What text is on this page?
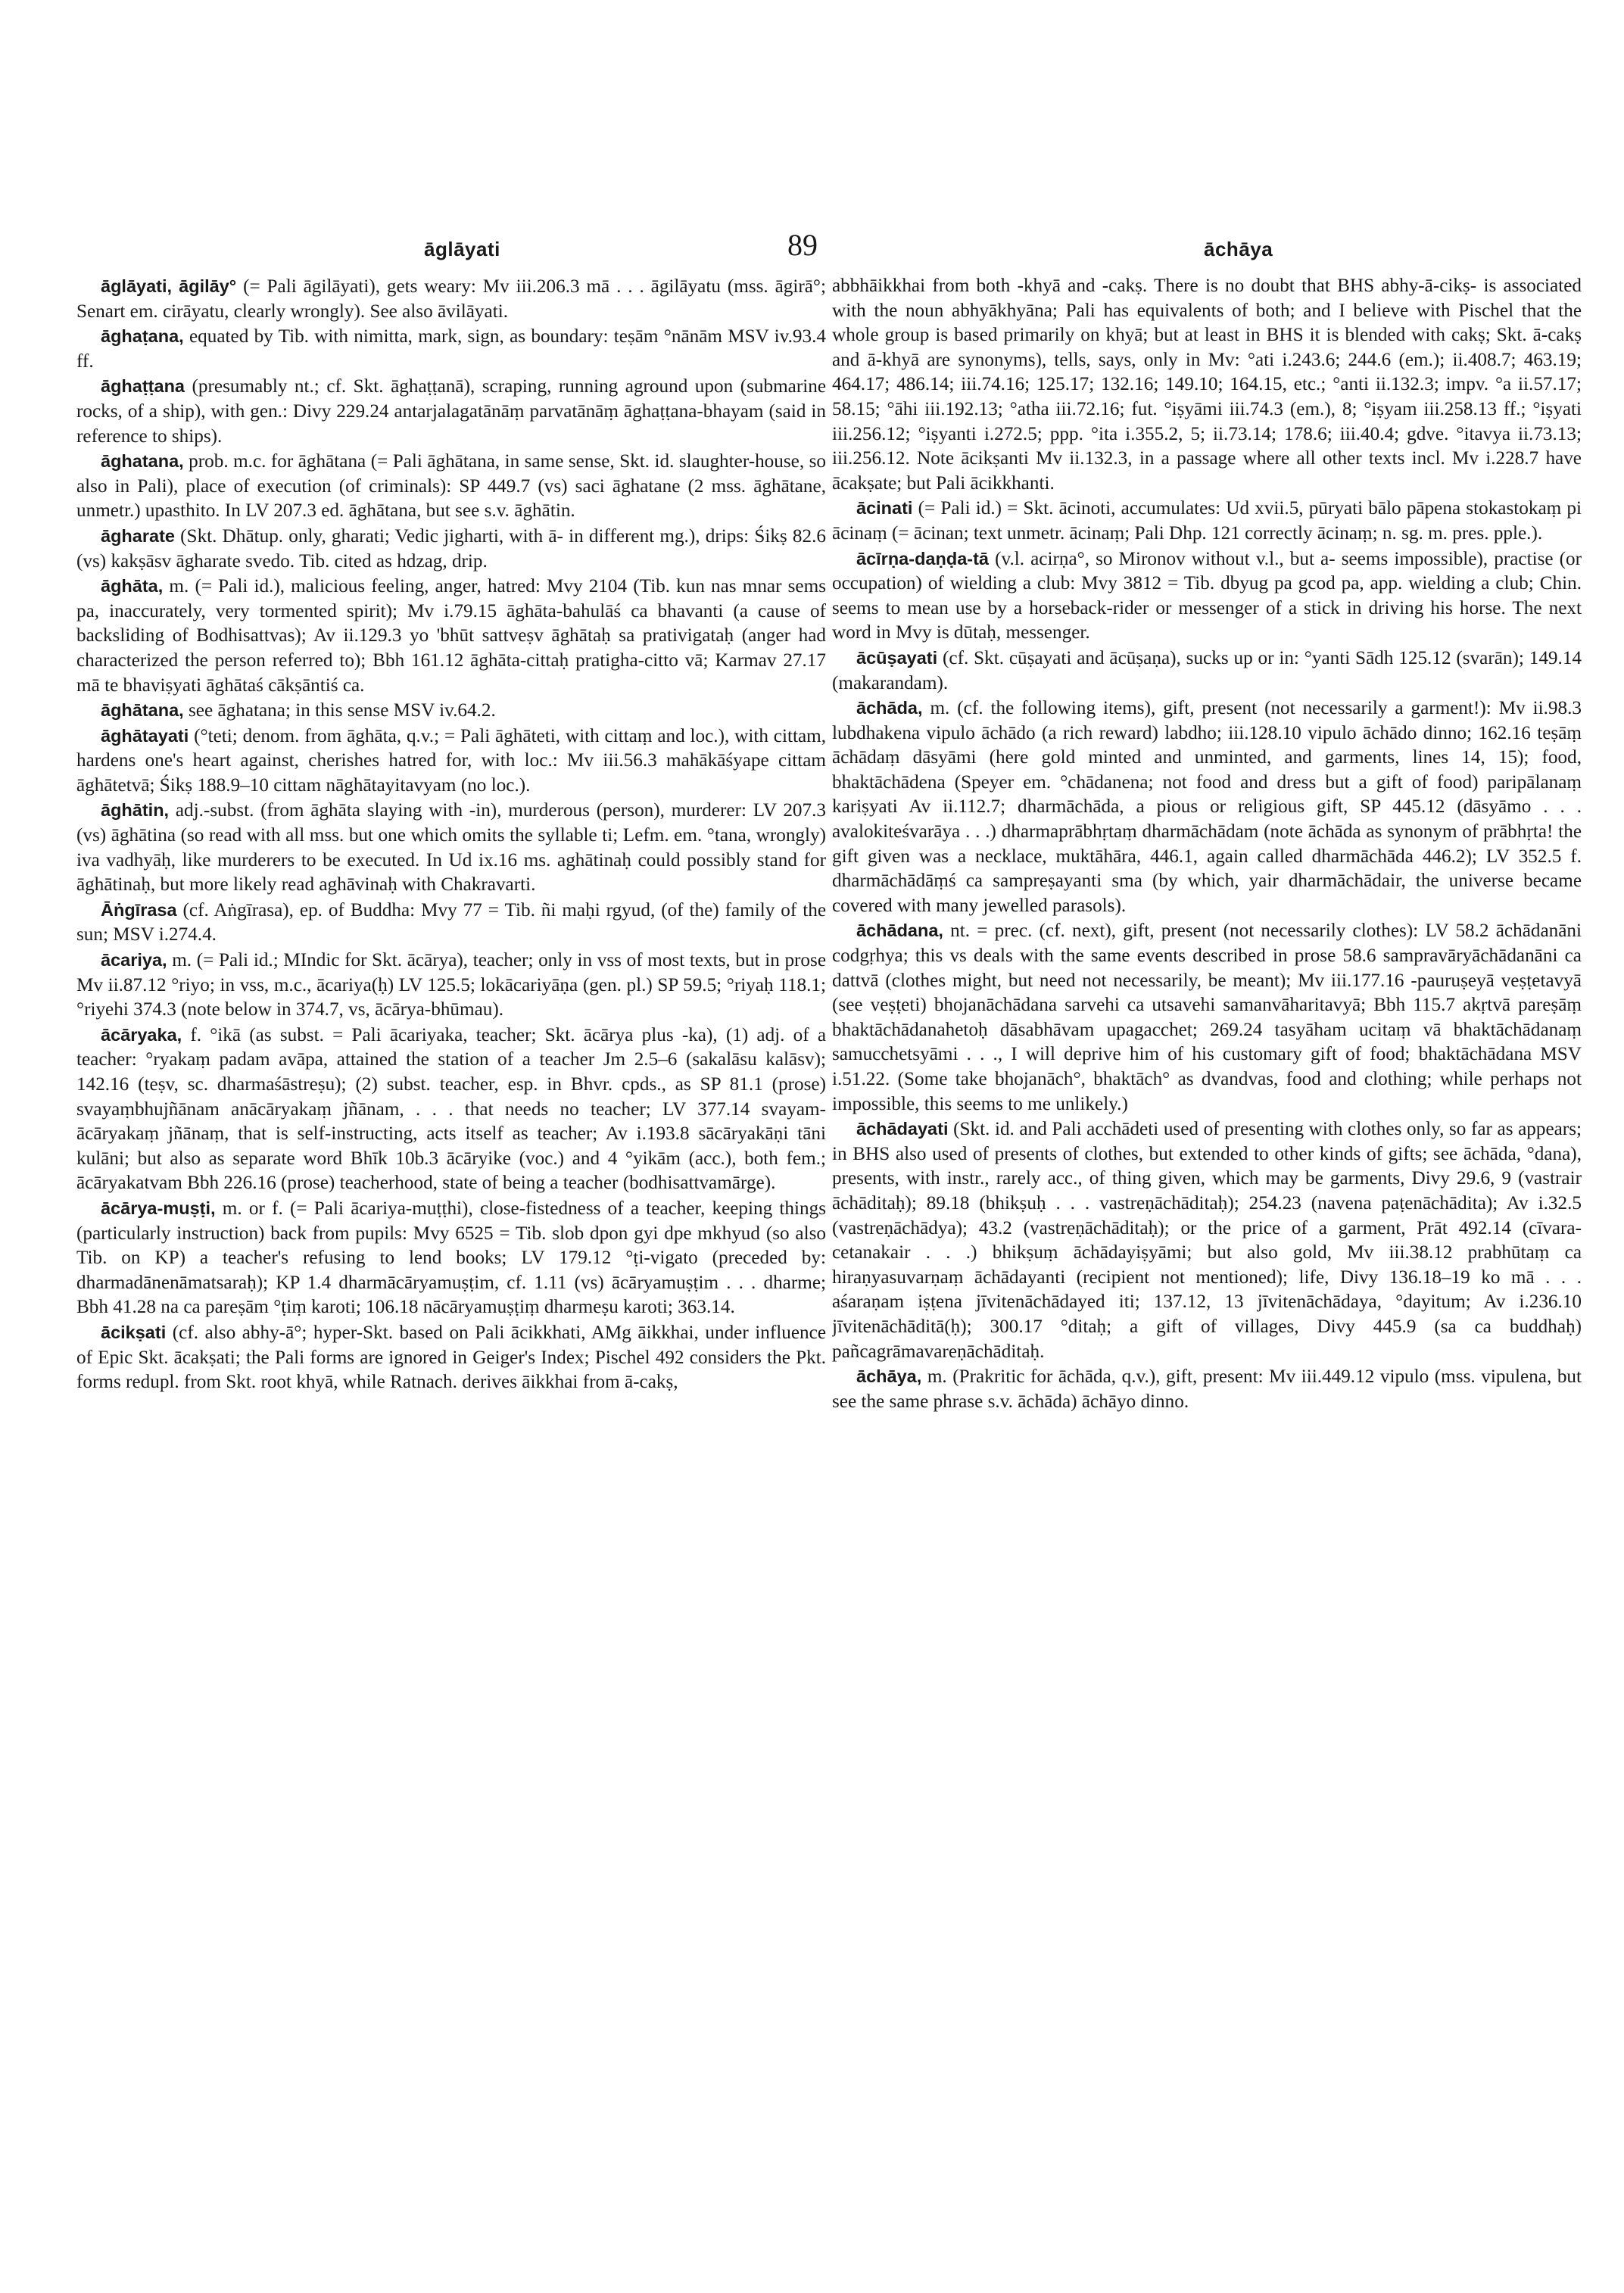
āglāyati	89	āchāya

āglāyati, āgilāy° (= Pali āgilāyati), gets weary: Mv iii.206.3 mā . . . āgilāyatu (mss. āgirā°; Senart em. cirāyatu, clearly wrongly). See also āvilāyati.

āghaṭana, equated by Tib. with nimitta, mark, sign, as boundary: teṣām °nānām MSV iv.93.4 ff.

āghaṭṭana (presumably nt.; cf. Skt. āghaṭṭanā), scraping, running aground upon (submarine rocks, of a ship), with gen.: Divy 229.24 antarjalagatānāṃ parvatānāṃ āghaṭṭana-bhayam (said in reference to ships).

āghatana, prob. m.c. for āghātana (= Pali āghātana, in same sense, Skt. id. slaughter-house, so also in Pali), place of execution (of criminals): SP 449.7 (vs) saci āghatane (2 mss. āghātane, unmetr.) upasthito. In LV 207.3 ed. āghātana, but see s.v. āghātin.

āgharate (Skt. Dhātup. only, gharati; Vedic jigharti, with ā- in different mg.), drips: Śikṣ 82.6 (vs) kakṣāsv āgharate svedo. Tib. cited as hdzag, drip.

āghāta, m. (= Pali id.), malicious feeling, anger, hatred: Mvy 2104 (Tib. kun nas mnar sems pa, inaccurately, very tormented spirit); Mv i.79.15 āghāta-bahulāś ca bhavanti (a cause of backsliding of Bodhisattvas); Av ii.129.3 yo 'bhūt sattveṣv āghātaḥ sa prativigataḥ (anger had characterized the person referred to); Bbh 161.12 āghāta-cittaḥ pratigha-citto vā; Karmav 27.17 mā te bhaviṣyati āghātaś cākṣāntiś ca.

āghātana, see āghatana; in this sense MSV iv.64.2.

āghātayati (°teti; denom. from āghāta, q.v.; = Pali āghāteti, with cittaṃ and loc.), with cittam, hardens one's heart against, cherishes hatred for, with loc.: Mv iii.56.3 mahākāśyape cittam āghātetvā; Śikṣ 188.9–10 cittam nāghātayitavyam (no loc.).

āghātin, adj.-subst. (from āghāta slaying with -in), murderous (person), murderer: LV 207.3 (vs) āghātina (so read with all mss. but one which omits the syllable ti; Lefm. em. °tana, wrongly) iva vadhyāḥ, like murderers to be executed. In Ud ix.16 ms. aghātinaḥ could possibly stand for āghātinaḥ, but more likely read aghāvinaḥ with Chakravarti.

Āṅgīrasa (cf. Aṅgīrasa), ep. of Buddha: Mvy 77 = Tib. ñi maḥi rgyud, (of the) family of the sun; MSV i.274.4.

ācariya, m. (= Pali id.; MIndic for Skt. ācārya), teacher; only in vss of most texts, but in prose Mv ii.87.12 °riyo; in vss, m.c., ācariya(ḥ) LV 125.5; lokācariyāṇa (gen. pl.) SP 59.5; °riyaḥ 118.1; °riyehi 374.3 (note below in 374.7, vs, ācārya-bhūmau).

ācāryaka, f. °ikā (as subst. = Pali ācariyaka, teacher; Skt. ācārya plus -ka), (1) adj. of a teacher: °ryakaṃ padam avāpa, attained the station of a teacher Jm 2.5–6 (sakalāsu kalāsv); 142.16 (teṣv, sc. dharmaśāstreṣu); (2) subst. teacher, esp. in Bhvr. cpds., as SP 81.1 (prose) svayaṃbhujñānam anācāryakaṃ jñānam, . . . that needs no teacher; LV 377.14 svayam-ācāryakaṃ jñānaṃ, that is self-instructing, acts itself as teacher; Av i.193.8 sācāryakāṇi tāni kulāni; but also as separate word Bhīk 10b.3 ācāryike (voc.) and 4 °yikām (acc.), both fem.; ācāryakatvam Bbh 226.16 (prose) teacherhood, state of being a teacher (bodhisattvamārge).

ācārya-muṣṭi, m. or f. (= Pali ācariya-muṭṭhi), close-fistedness of a teacher, keeping things (particularly instruction) back from pupils: Mvy 6525 = Tib. slob dpon gyi dpe mkhyud (so also Tib. on KP) a teacher's refusing to lend books; LV 179.12 °ṭi-vigato (preceded by: dharmadānenāmatsaraḥ); KP 1.4 dharmācāryamuṣṭim, cf. 1.11 (vs) ācāryamuṣṭim . . . dharme; Bbh 41.28 na ca pareṣām °ṭiṃ karoti; 106.18 nācāryamuṣṭiṃ dharmeṣu karoti; 363.14.

ācikṣati (cf. also abhy-ā°; hyper-Skt. based on Pali ācikkhati, AMg āikkhai, under influence of Epic Skt. ācakṣati; the Pali forms are ignored in Geiger's Index; Pischel 492 considers the Pkt. forms redupl. from Skt. root khyā, while Ratnach. derives āikkhai from ā-cakṣ,

abbhāikkhai from both -khyā and -cakṣ. There is no doubt that BHS abhy-ā-cikṣ- is associated with the noun abhyākhyāna; Pali has equivalents of both; and I believe with Pischel that the whole group is based primarily on khyā; but at least in BHS it is blended with cakṣ; Skt. ā-cakṣ and ā-khyā are synonyms), tells, says, only in Mv: °ati i.243.6; 244.6 (em.); ii.408.7; 463.19; 464.17; 486.14; iii.74.16; 125.17; 132.16; 149.10; 164.15, etc.; °anti ii.132.3; impv. °a ii.57.17; 58.15; °āhi iii.192.13; °atha iii.72.16; fut. °iṣyāmi iii.74.3 (em.), 8; °iṣyam iii.258.13 ff.; °iṣyati iii.256.12; °iṣyanti i.272.5; ppp. °ita i.355.2, 5; ii.73.14; 178.6; iii.40.4; gdve. °itavya ii.73.13; iii.256.12. Note ācikṣanti Mv ii.132.3, in a passage where all other texts incl. Mv i.228.7 have ācakṣate; but Pali ācikkhanti.

ācinati (= Pali id.) = Skt. ācinoti, accumulates: Ud xvii.5, pūryati bālo pāpena stokastokaṃ pi ācinaṃ (= ācinan; text unmetr. ācinaṃ; Pali Dhp. 121 correctly ācinaṃ; n. sg. m. pres. pple.).

ācīrṇa-daṇḍa-tā (v.l. acirṇa°, so Mironov without v.l., but a- seems impossible), practise (or occupation) of wielding a club: Mvy 3812 = Tib. dbyug pa gcod pa, app. wielding a club; Chin. seems to mean use by a horseback-rider or messenger of a stick in driving his horse. The next word in Mvy is dūtaḥ, messenger.

ācūṣayati (cf. Skt. cūṣayati and ācūṣaṇa), sucks up or in: °yanti Sādh 125.12 (svarān); 149.14 (makarandam).

āchāda, m. (cf. the following items), gift, present (not necessarily a garment!): Mv ii.98.3 lubdhakena vipulo āchādo (a rich reward) labdho; iii.128.10 vipulo āchādo dinno; 162.16 teṣāṃ āchādaṃ dāsyāmi (here gold minted and unminted, and garments, lines 14, 15); food, bhaktāchādena (Speyer em. °chādanena; not food and dress but a gift of food) paripālanaṃ kariṣyati Av ii.112.7; dharmāchāda, a pious or religious gift, SP 445.12 (dāsyāmo . . . avalokiteśvarāya . . .) dharmaprābhṛtaṃ dharmāchādam (note āchāda as synonym of prābhṛta! the gift given was a necklace, muktāhāra, 446.1, again called dharmāchāda 446.2); LV 352.5 f. dharmāchādāṃś ca sampreṣayanti sma (by which, yair dharmāchādair, the universe became covered with many jewelled parasols).

āchādana, nt. = prec. (cf. next), gift, present (not necessarily clothes): LV 58.2 āchādanāni codgṛhya; this vs deals with the same events described in prose 58.6 sampravāryāchādanāni ca dattvā (clothes might, but need not necessarily, be meant); Mv iii.177.16 -pauruṣeyā veṣṭetavyā (see veṣṭeti) bhojanāchādana sarvehi ca utsavehi samanvāharitavyā; Bbh 115.7 akṛtvā pareṣāṃ bhaktāchādanahetoḥ dāsabhāvam upagacchet; 269.24 tasyāham ucitaṃ vā bhaktāchādanaṃ samucchetsyāmi . . ., I will deprive him of his customary gift of food; bhaktāchādana MSV i.51.22. (Some take bhojanāch°, bhaktāch° as dvandvas, food and clothing; while perhaps not impossible, this seems to me unlikely.)

āchādayati (Skt. id. and Pali acchādeti used of presenting with clothes only, so far as appears; in BHS also used of presents of clothes, but extended to other kinds of gifts; see āchāda, °dana), presents, with instr., rarely acc., of thing given, which may be garments, Divy 29.6, 9 (vastrair āchāditaḥ); 89.18 (bhikṣuḥ . . . vastreṇāchāditaḥ); 254.23 (navena paṭenāchādita); Av i.32.5 (vastreṇāchādya); 43.2 (vastreṇāchāditaḥ); or the price of a garment, Prāt 492.14 (cīvara-cetanakair . . .) bhikṣuṃ āchādayiṣyāmi; but also gold, Mv iii.38.12 prabhūtaṃ ca hiraṇyasuvarṇaṃ āchādayanti (recipient not mentioned); life, Divy 136.18–19 ko mā . . . aśaraṇam iṣṭena jīvitenāchādayed iti; 137.12, 13 jīvitenāchādaya, °dayitum; Av i.236.10 jīvitenāchāditā(ḥ); 300.17 °ditaḥ; a gift of villages, Divy 445.9 (sa ca buddhaḥ) pañcagrāmavareṇāchāditaḥ.

āchāya, m. (Prakritic for āchāda, q.v.), gift, present: Mv iii.449.12 vipulo (mss. vipulena, but see the same phrase s.v. āchāda) āchāyo dinno.
